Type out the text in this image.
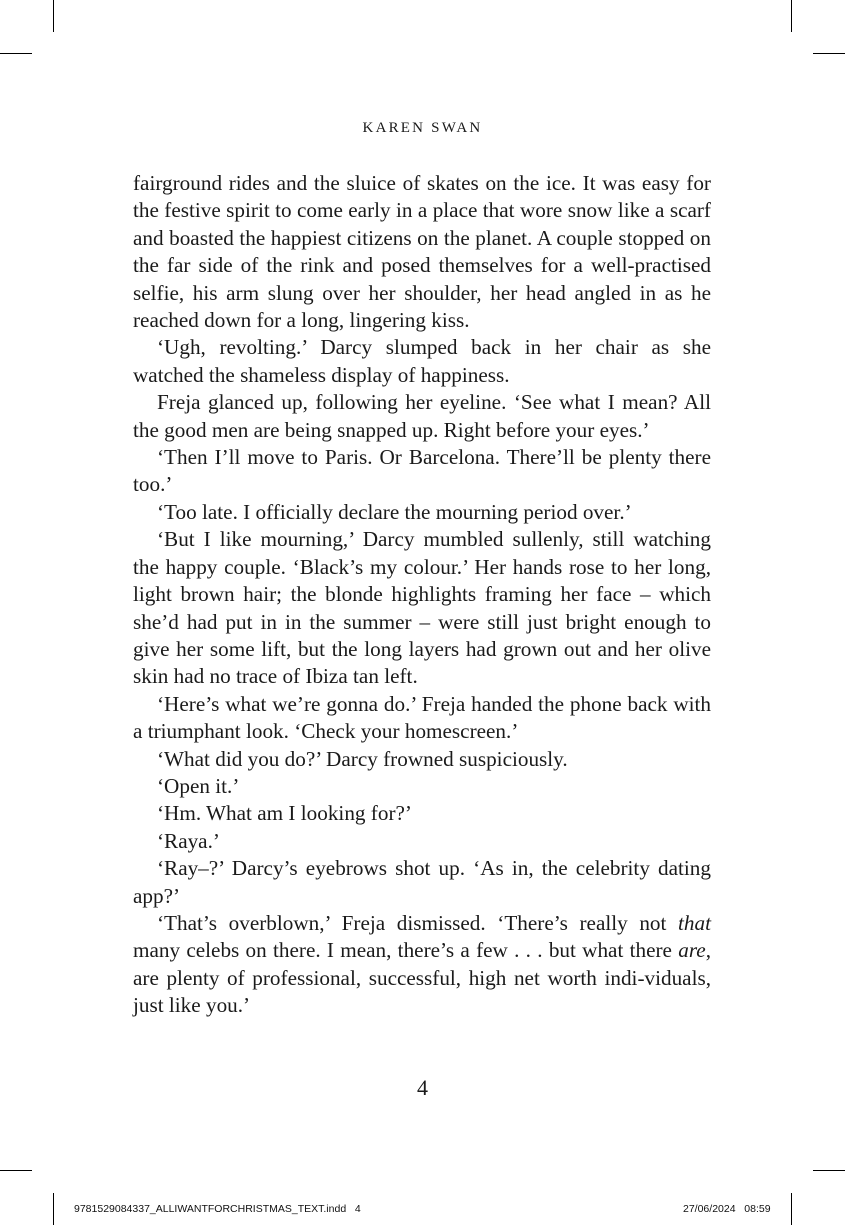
KAREN SWAN

fairground rides and the sluice of skates on the ice. It was easy for the festive spirit to come early in a place that wore snow like a scarf and boasted the happiest citizens on the planet. A couple stopped on the far side of the rink and posed themselves for a well-practised selfie, his arm slung over her shoulder, her head angled in as he reached down for a long, lingering kiss.

‘Ugh, revolting.’ Darcy slumped back in her chair as she watched the shameless display of happiness.

Freja glanced up, following her eyeline. ‘See what I mean? All the good men are being snapped up. Right before your eyes.’

‘Then I’ll move to Paris. Or Barcelona. There’ll be plenty there too.’

‘Too late. I officially declare the mourning period over.’

‘But I like mourning,’ Darcy mumbled sullenly, still watching the happy couple. ‘Black’s my colour.’ Her hands rose to her long, light brown hair; the blonde highlights framing her face – which she’d had put in in the summer – were still just bright enough to give her some lift, but the long layers had grown out and her olive skin had no trace of Ibiza tan left.

‘Here’s what we’re gonna do.’ Freja handed the phone back with a triumphant look. ‘Check your homescreen.’

‘What did you do?’ Darcy frowned suspiciously.

‘Open it.’

‘Hm. What am I looking for?’

‘Raya.’

‘Ray–?’ Darcy’s eyebrows shot up. ‘As in, the celebrity dating app?’

‘That’s overblown,’ Freja dismissed. ‘There’s really not that many celebs on there. I mean, there’s a few . . . but what there are, are plenty of professional, successful, high net worth indi-viduals, just like you.’

4
9781529084337_ALLIWANTFORCHRISTMAS_TEXT.indd   4	27/06/2024   08:59
